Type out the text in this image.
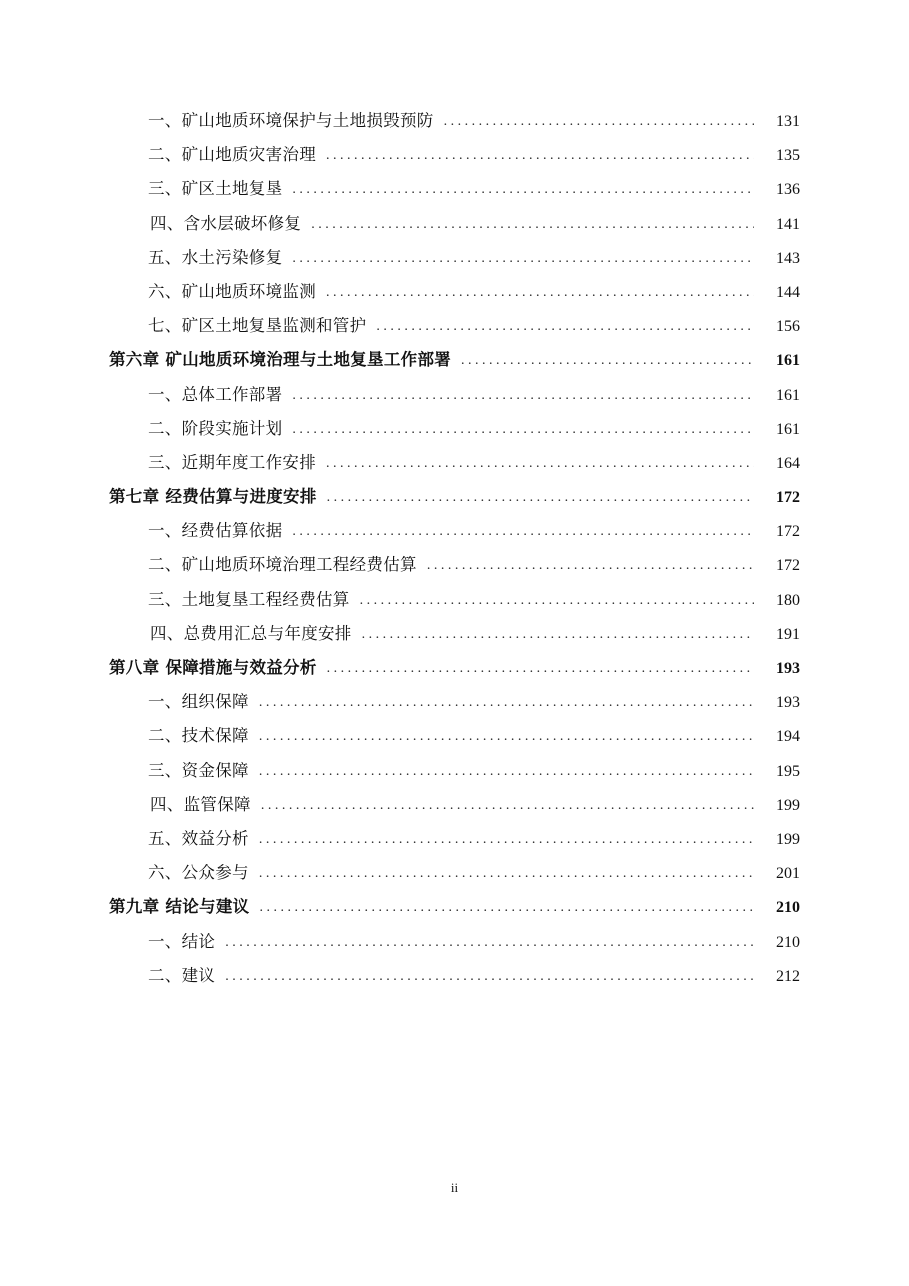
一、矿山地质环境保护与土地损毁预防 . . .	131
二、矿山地质灾害治理 . . .	135
三、矿区土地复垦 . . .	136
四、含水层破坏修复 . . .	141
五、水土污染修复 . . .	143
六、矿山地质环境监测 . . .	144
七、矿区土地复垦监测和管护 . . .	156
第六章 矿山地质环境治理与土地复垦工作部署 . . .	161
一、总体工作部署 . . .	161
二、阶段实施计划 . . .	161
三、近期年度工作安排 . . .	164
第七章 经费估算与进度安排 . . .	172
一、经费估算依据 . . .	172
二、矿山地质环境治理工程经费估算 . . .	172
三、土地复垦工程经费估算 . . .	180
四、总费用汇总与年度安排 . . .	191
第八章 保障措施与效益分析 . . .	193
一、组织保障 . . .	193
二、技术保障 . . .	194
三、资金保障 . . .	195
四、监管保障 . . .	199
五、效益分析 . . .	199
六、公众参与 . . .	201
第九章 结论与建议 . . .	210
一、结论 . . .	210
二、建议 . . .	212
ii
